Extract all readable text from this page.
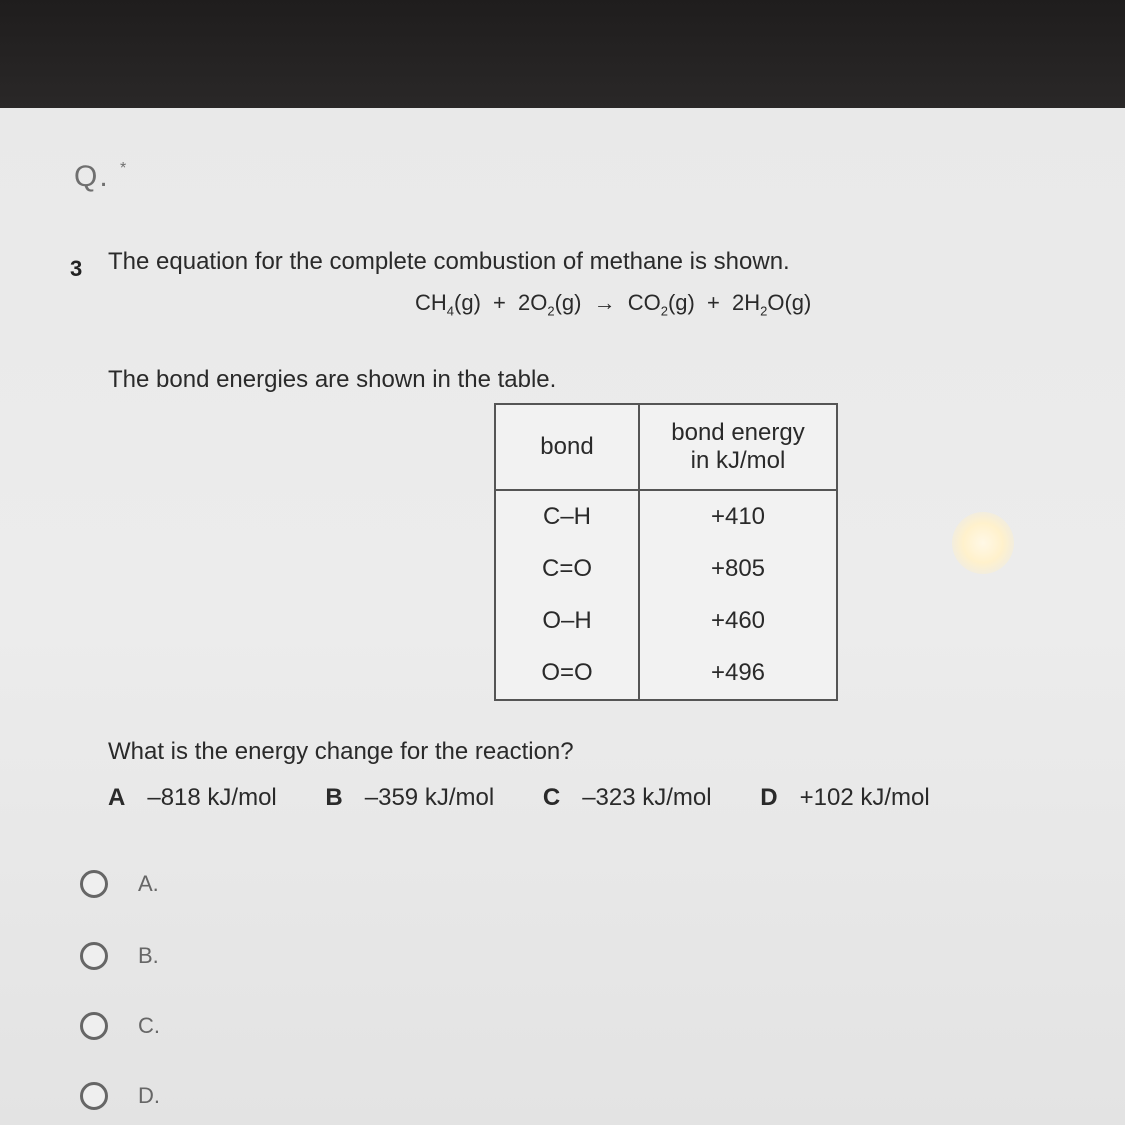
Q. *
3 The equation for the complete combustion of methane is shown.
$CH_4(g) + 2O_2(g) \to CO_2(g) + 2H_2O(g)$
The bond energies are shown in the table.
bond	bond energy
in kJ/mol
C–H	+410
C=O	+805
O–H	+460
O=O	+496
What is the energy change for the reaction?
A –818 kJ/mol B –359 kJ/mol C –323 kJ/mol D +102 kJ/mol
A.
B.
C.
D.
